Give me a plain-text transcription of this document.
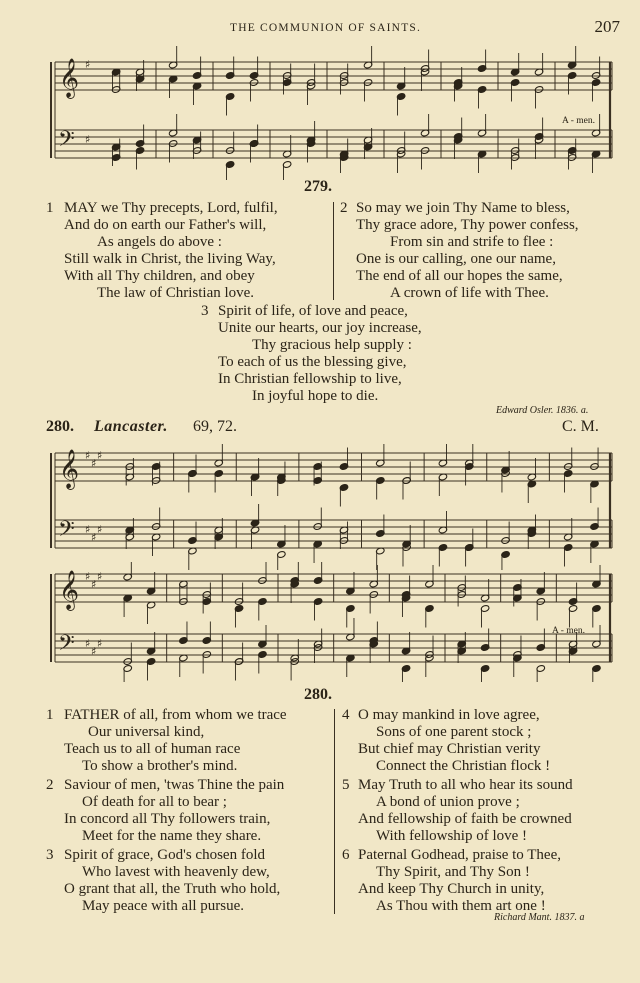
THE COMMUNION OF SAINTS.	207
𝄞
𝄢
♯
♯
A - men.
279.
1 MAY we Thy precepts, Lord, fulfil,
And do on earth our Father's will,
As angels do above :
Still walk in Christ, the living Way,
With all Thy children, and obey
The law of Christian love.
2 So may we join Thy Name to bless,
Thy grace adore, Thy power confess,
From sin and strife to flee :
One is our calling, one our name,
The end of all our hopes the same,
A crown of life with Thee.
3 Spirit of life, of love and peace,
Unite our hearts, our joy increase,
Thy gracious help supply :
To each of us the blessing give,
In Christian fellowship to live,
In joyful hope to die.
Edward Osler. 1836. a.
280. Lancaster. 69, 72.	C. M.
𝄞
𝄢
♯
♯
♯
♯
♯
♯
𝄞
𝄢
♯
♯
♯
♯
♯
♯
A - men.
280.
1 FATHER of all, from whom we trace
Our universal kind,
Teach us to all of human race
To show a brother's mind.
2 Saviour of men, 'twas Thine the pain
Of death for all to bear ;
In concord all Thy followers train,
Meet for the name they share.
3 Spirit of grace, God's chosen fold
Who lavest with heavenly dew,
O grant that all, the Truth who hold,
May peace with all pursue.
4 O may mankind in love agree,
Sons of one parent stock ;
But chief may Christian verity
Connect the Christian flock !
5 May Truth to all who hear its sound
A bond of union prove ;
And fellowship of faith be crowned
With fellowship of love !
6 Paternal Godhead, praise to Thee,
Thy Spirit, and Thy Son !
And keep Thy Church in unity,
As Thou with them art one !
Richard Mant. 1837. a
